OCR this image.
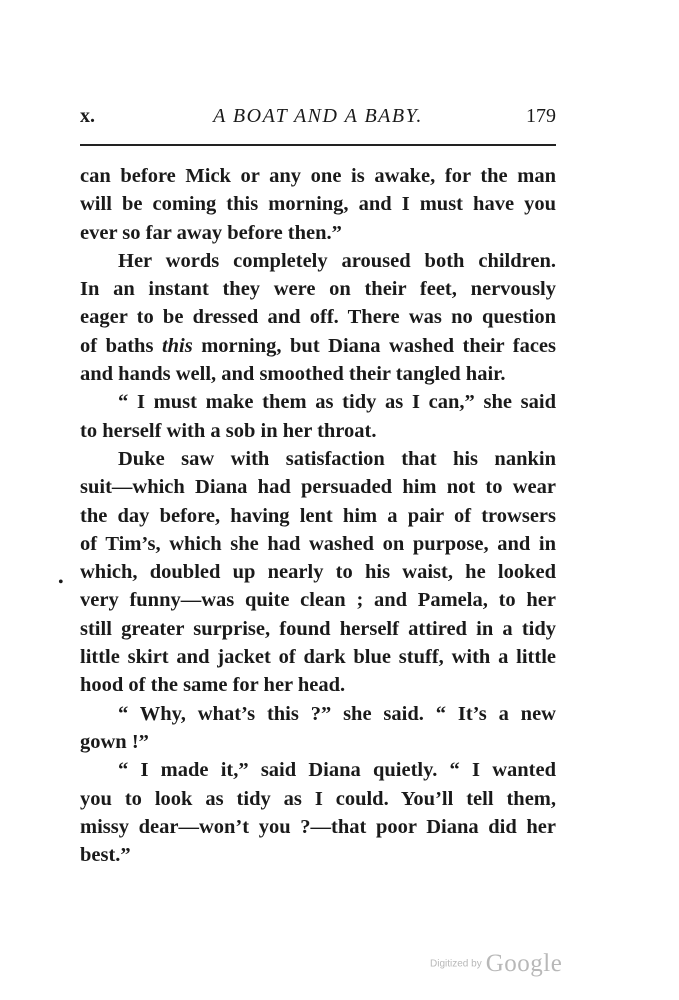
x.	A BOAT AND A BABY.	179
can before Mick or any one is awake, for the man
will be coming this morning, and I must have you
ever so far away before then.”
Her words completely aroused both children.
In an instant they were on their feet, nervously
eager to be dressed and off. There was no question
of baths this morning, but Diana washed their faces
and hands well, and smoothed their tangled hair.
“ I must make them as tidy as I can,” she said
to herself with a sob in her throat.
Duke saw with satisfaction that his nankin
suit—which Diana had persuaded him not to wear
the day before, having lent him a pair of trowsers
of Tim’s, which she had washed on purpose, and in
which, doubled up nearly to his waist, he looked
very funny—was quite clean ; and Pamela, to her
still greater surprise, found herself attired in a tidy
little skirt and jacket of dark blue stuff, with a little
hood of the same for her head.
“ Why, what’s this ?” she said. “ It’s a new
gown !”
“ I made it,” said Diana quietly. “ I wanted
you to look as tidy as I could. You’ll tell them,
missy dear—won’t you ?—that poor Diana did her
best.”
•
Digitized by Google
